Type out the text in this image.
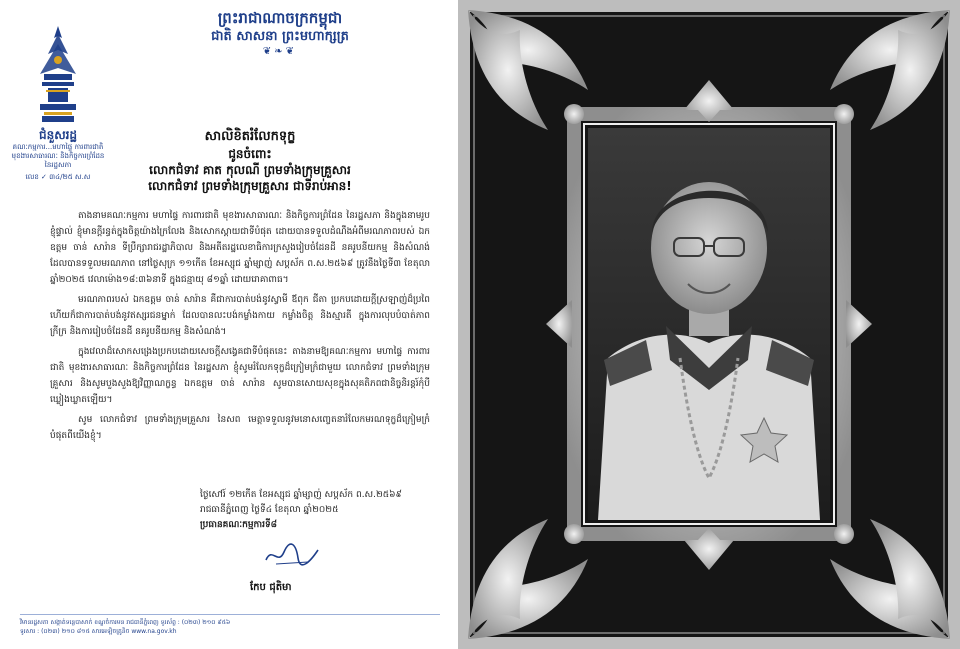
ព្រះរាជាណាចក្រកម្ពុជា
ជាតិ សាសនា ព្រះមហាក្សត្រ
❦❧❦
ជំនួសរដ្ឋ
គណៈកម្មការ...មហាផ្ទៃ ការពារជាតិ
មុខងារសាធារណៈ និងកិច្ចការព្រំដែន
នៃរដ្ឋសភា
លេខ ✓ ៣៤/២៥ ស.ស
សាលិខិតរំលែកទុក្ខ
ជូនចំពោះ
លោកជំទាវ គាត កុលណី ព្រមទាំងក្រុមគ្រួសារ
លោកជំទាវ ព្រមទាំងក្រុមគ្រួសារ ជាទីរាប់អាន!

តាងនាមគណៈកម្មការ មហាផ្ទៃ ការពារជាតិ មុខងារសាធារណៈ និងកិច្ចការព្រំដែន នៃរដ្ឋសភា និងក្នុងនាមរូបខ្ញុំផ្ទាល់ ខ្ញុំមានក្តីរន្ធត់ក្នុងចិត្តយ៉ាងក្រៃលែង និងសោកស្តាយជាទីបំផុត ដោយបានទទួលដំណឹងអំពីមរណភាពរបស់ ឯកឧត្តម ចាន់ សារ៉ាន ទីប្រឹក្សារាជរដ្ឋាភិបាល និងអតីតរដ្ឋលេខាធិការក្រសួងរៀបចំដែនដី នគរូបនីយកម្ម និងសំណង់ ដែលបានទទួលមរណភាព នៅថ្ងៃសុក្រ ១១កើត ខែអស្សុជ ឆ្នាំម្សាញ់ សប្តស័ក ព.ស.២៥៦៩ ត្រូវនឹងថ្ងៃទី៣ ខែតុលា ឆ្នាំ២០២៥ វេលាម៉ោង១៨:៣៦នាទី ក្នុងជន្មាយុ ៨១ឆ្នាំ ដោយរោគាពាធ។

មរណភាពរបស់ ឯកឧត្តម ចាន់ សារ៉ាន គឺជាការបាត់បង់នូវស្វាមី ឪពុក ជីតា ប្រកបដោយក្តីស្រឡាញ់ដ៏ប្រពៃ ហើយក៏ជាការបាត់បង់នូវឥស្សរជនម្នាក់ ដែលបានលះបង់កម្លាំងកាយ កម្លាំងចិត្ត និងស្មារតី ក្នុងការលុបបំបាត់ភាពក្រីក្រ និងការរៀបចំដែនដី នគរូបនីយកម្ម និងសំណង់។

ក្នុងវេលាដ៏សោកសង្រេងប្រកបដោយសេចក្តីសង្វេគជាទីបំផុតនេះ តាងនាមឱ្យគណៈកម្មការ មហាផ្ទៃ ការពារជាតិ មុខងារសាធារណៈ និងកិច្ចការព្រំដែន នៃរដ្ឋសភា ខ្ញុំសូមរំលែកទុក្ខដ៏ក្រៀមក្រំជាមួយ លោកជំទាវ ព្រមទាំងក្រុមគ្រួសារ និងសូមបួងសួងឱ្យវិញ្ញាណក្ខន្ធ ឯកឧត្តម ចាន់ សារ៉ាន សូមបានសោយសុខក្នុងសុគតិភពជានិច្ចនិរន្តរ៍កុំបីឃ្លៀងឃ្លាតឡើយ។

សូម លោកជំទាវ ព្រមទាំងក្រុមគ្រួសារ នៃសព មេត្តាទទួលនូវមនោសញ្ចេតនារំលែកមរណទុក្ខដ៏ក្រៀមក្រំបំផុតពីយើងខ្ញុំ។

ថ្ងៃសៅរ៍ ១២កើត ខែអស្សុជ ឆ្នាំម្សាញ់ សប្តស័ក ព.ស.២៥៦៩
រាជធានីភ្នំពេញ ថ្ងៃទី៤ ខែតុលា ឆ្នាំ២០២៥
ប្រធានគណៈកម្មការទី៨
កែប ជុតិមា
វិមានរដ្ឋសភា សង្កាត់ទន្លេបាសាក់ ខណ្ឌចំការមន រាជធានីភ្នំពេញ ទូរស័ព្ទ : (០២៣) ២១០ ៩៥៦
ទូរសារ : (០២៣) ២១០ ៨១៥ សារអេឡិចត្រូនិច www.na.gov.kh
